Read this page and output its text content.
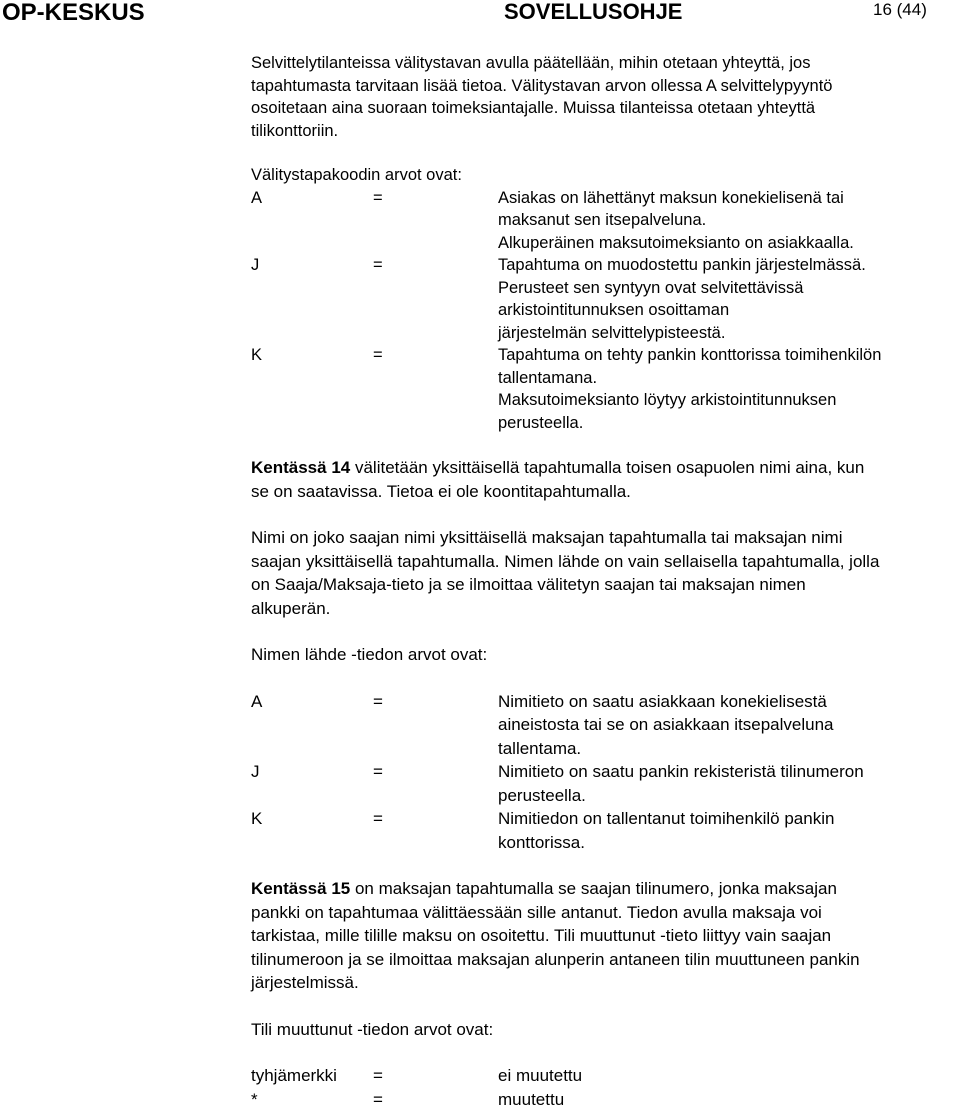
OP-KESKUS	SOVELLUSOHJE	16 (44)

Selvittelytilanteissa välitystavan avulla päätellään, mihin otetaan yhteyttä, jos

tapahtumasta tarvitaan lisää tietoa. Välitystavan arvon ollessa A selvittelypyyntö

osoitetaan aina suoraan toimeksiantajalle. Muissa tilanteissa otetaan yhteyttä

tilikonttoriin.

Välitystapakoodin arvot ovat:

A	=	Asiakas on lähettänyt maksun konekielisenä tai
maksanut sen itsepalveluna.
Alkuperäinen maksutoimeksianto on asiakkaalla.
J	=	Tapahtuma on muodostettu pankin järjestelmässä.
Perusteet sen syntyyn ovat selvitettävissä
arkistointitunnuksen osoittaman
järjestelmän selvittelypisteestä.
K	=	Tapahtuma on tehty pankin konttorissa toimihenkilön
tallentamana.
Maksutoimeksianto löytyy arkistointitunnuksen
perusteella.

Kentässä 14 välitetään yksittäisellä tapahtumalla toisen osapuolen nimi aina, kun

se on saatavissa. Tietoa ei ole koontitapahtumalla.

Nimi on joko saajan nimi yksittäisellä maksajan tapahtumalla tai maksajan nimi

saajan yksittäisellä tapahtumalla. Nimen lähde on vain sellaisella tapahtumalla, jolla

on Saaja/Maksaja-tieto ja se ilmoittaa välitetyn saajan tai maksajan nimen

alkuperän.

Nimen lähde -tiedon arvot ovat:

A	=	Nimitieto on saatu asiakkaan konekielisestä
aineistosta tai se on asiakkaan itsepalveluna
tallentama.
J	=	Nimitieto on saatu pankin rekisteristä tilinumeron
perusteella.
K	=	Nimitiedon on tallentanut toimihenkilö pankin
konttorissa.

Kentässä 15 on maksajan tapahtumalla se saajan tilinumero, jonka maksajan

pankki on tapahtumaa välittäessään sille antanut. Tiedon avulla maksaja voi

tarkistaa, mille tilille maksu on osoitettu. Tili muuttunut -tieto liittyy vain saajan

tilinumeroon ja se ilmoittaa maksajan alunperin antaneen tilin muuttuneen pankin

järjestelmissä.

Tili muuttunut -tiedon arvot ovat:

tyhjämerkki =	ei muutettu
*	=	muutettu
